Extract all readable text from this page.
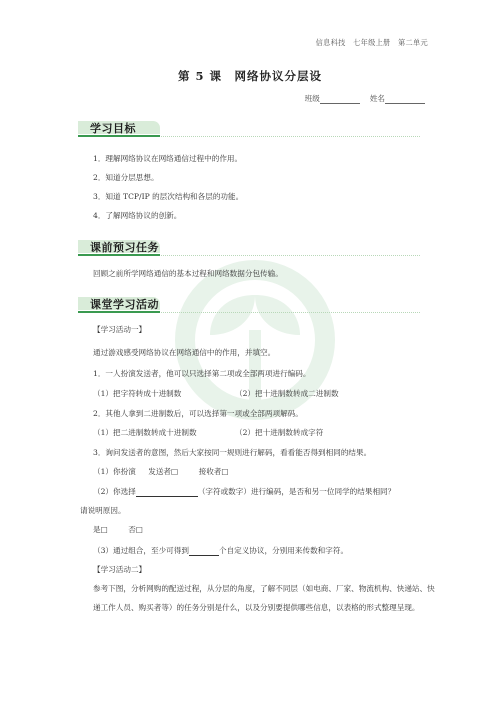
信息科技　七年级上册　第二单元
第 5 课　网络协议分层设
班级	姓名
学习目标
1．理解网络协议在网络通信过程中的作用。
2．知道分层思想。
3．知道 TCP/IP 的层次结构和各层的功能。
4．了解网络协议的创新。
课前预习任务
回顾之前所学网络通信的基本过程和网络数据分包传输。
课堂学习活动
【学习活动一】
通过游戏感受网络协议在网络通信中的作用，并填空。
1．一人扮演发送者，他可以只选择第二项或全部两项进行编码。
（1）把字符转成十进制数	（2）把十进制数转成二进制数
2．其他人拿到二进制数后，可以选择第一项或全部两项解码。
（1）把二进制数转成十进制数	（2）把十进制数转成字符
3．询问发送者的意图，然后大家按同一规则进行解码，看看能否得到相同的结果。
（1）你扮演 发送者□	接收者□
（2）你选择	（字符或数字）进行编码，是否和另一位同学的结果相同？
请说明原因。
是□	否□
（3）通过组合，至少可得到	个自定义协议，分别用来传数和字符。
【学习活动二】
参考下图，分析网购的配送过程，从分层的角度，了解不同层（如电商、厂家、物流机构、快递站、快递工作人员、购买者等）的任务分别是什么，以及分别要提供哪些信息，以表格的形式整理呈现。
